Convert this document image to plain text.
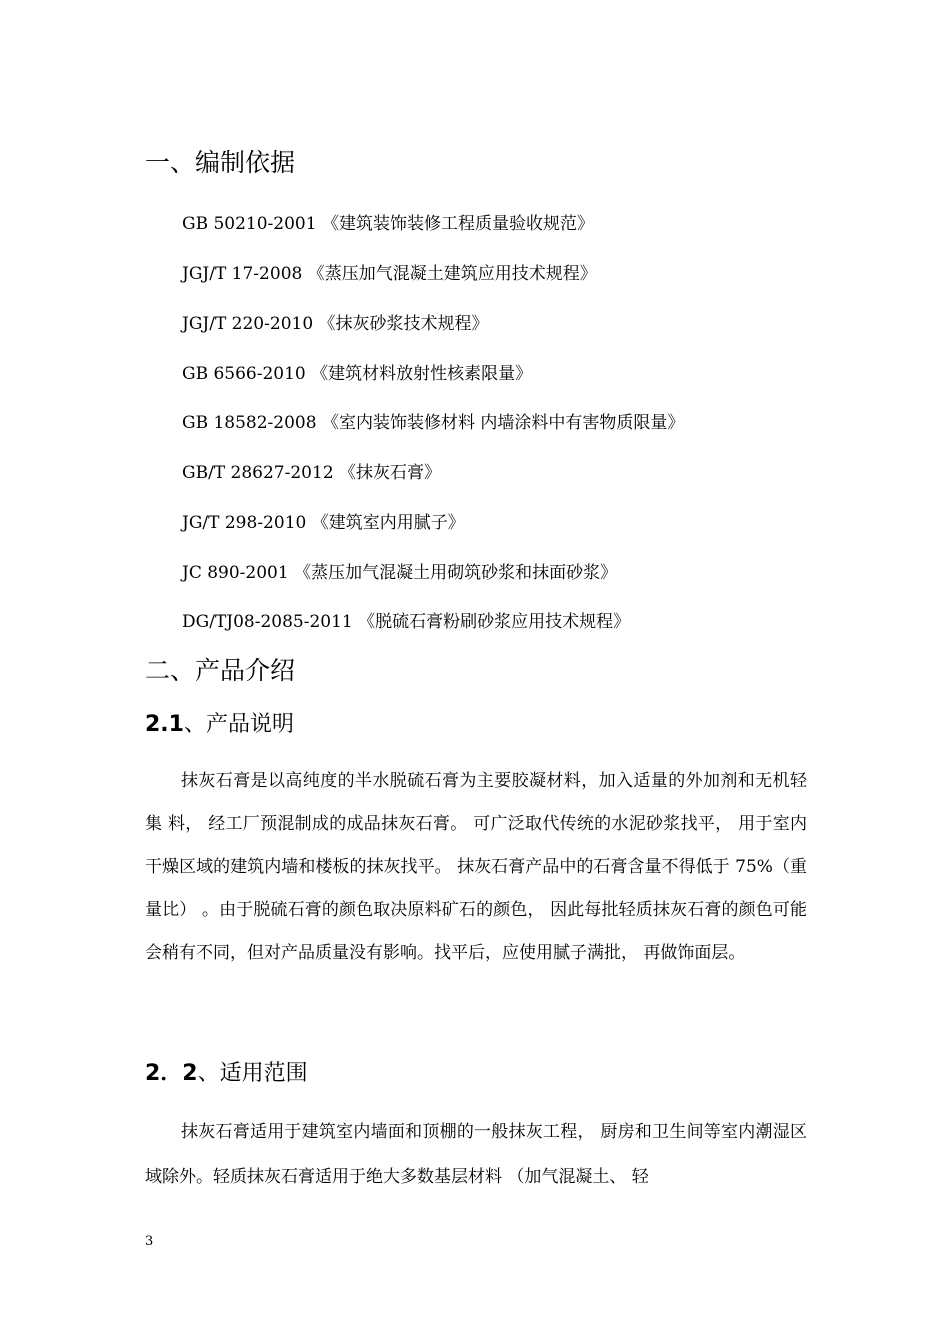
一、编制依据
GB 50210-2001 《建筑装饰装修工程质量验收规范》
JGJ/T 17-2008 《蒸压加气混凝土建筑应用技术规程》
JGJ/T 220-2010 《抹灰砂浆技术规程》
GB 6566-2010 《建筑材料放射性核素限量》
GB 18582-2008 《室内装饰装修材料 内墙涂料中有害物质限量》
GB/T 28627-2012 《抹灰石膏》
JG/T 298-2010 《建筑室内用腻子》
JC 890-2001 《蒸压加气混凝土用砌筑砂浆和抹面砂浆》
DG/TJ08-2085-2011 《脱硫石膏粉刷砂浆应用技术规程》
二、产品介绍
2.1、产品说明
抹灰石膏是以高纯度的半水脱硫石膏为主要胶凝材料，加入适量的外加剂和无机轻集 料， 经工厂预混制成的成品抹灰石膏。 可广泛取代传统的水泥砂浆找平， 用于室内干燥区域的建筑内墙和楼板的抹灰找平。 抹灰石膏产品中的石膏含量不得低于 75%（重量比） 。由于脱硫石膏的颜色取决原料矿石的颜色， 因此每批轻质抹灰石膏的颜色可能会稍有不同，但对产品质量没有影响。找平后，应使用腻子满批， 再做饰面层。
2．2、适用范围
抹灰石膏适用于建筑室内墙面和顶棚的一般抹灰工程， 厨房和卫生间等室内潮湿区 域除外。轻质抹灰石膏适用于绝大多数基层材料 （加气混凝土、 轻
3
